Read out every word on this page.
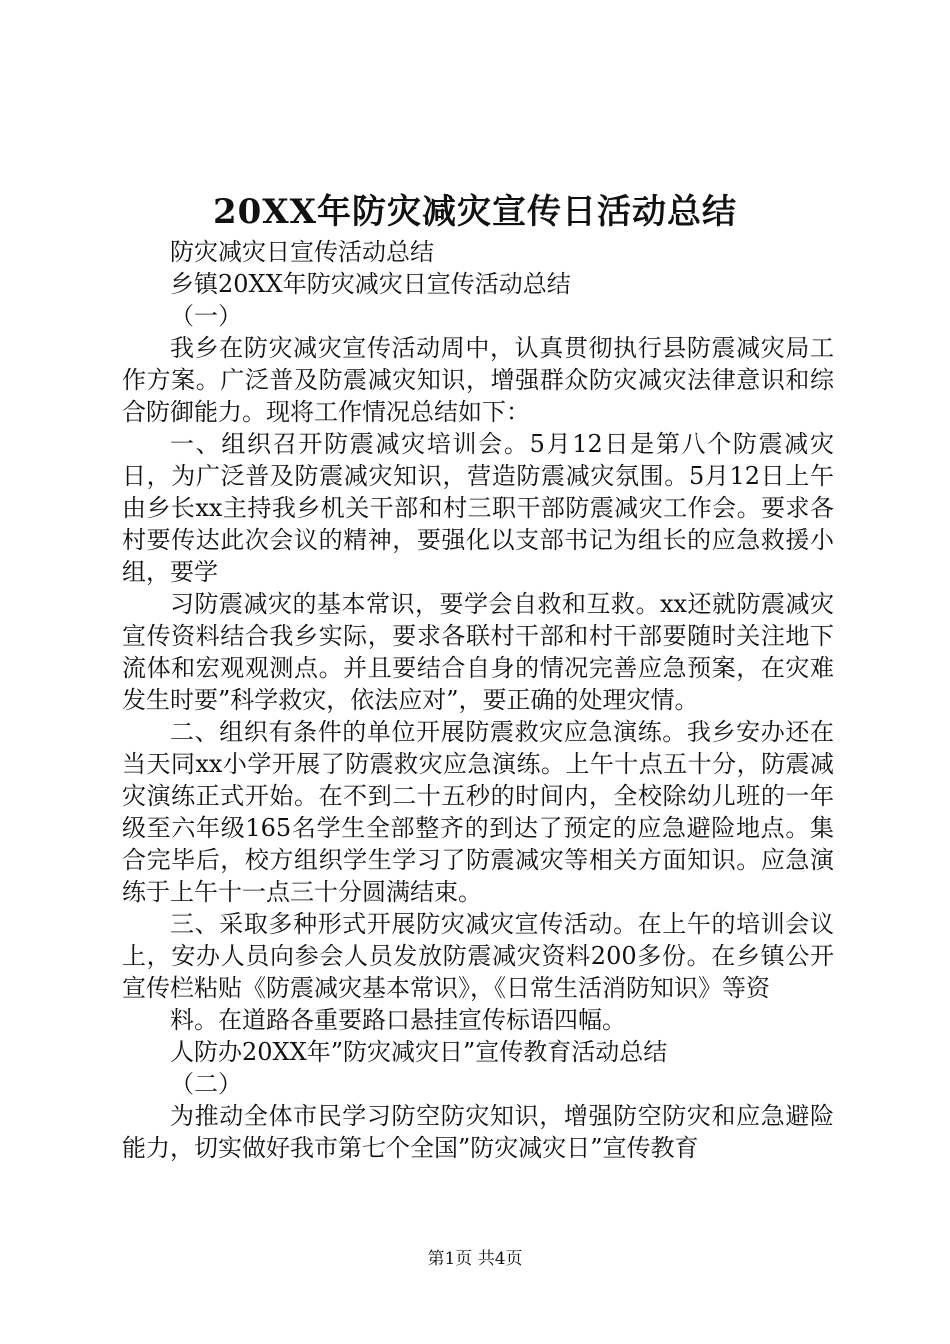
20XX年防灾减灾宣传日活动总结

防灾减灾日宣传活动总结

乡镇20XX年防灾减灾日宣传活动总结

（一）

我乡在防灾减灾宣传活动周中，认真贯彻执行县防震减灾局工作方案。广泛普及防震减灾知识，增强群众防灾减灾法律意识和综合防御能力。现将工作情况总结如下：

一、组织召开防震减灾培训会。5月12日是第八个防震减灾日，为广泛普及防震减灾知识，营造防震减灾氛围。5月12日上午由乡长xx主持我乡机关干部和村三职干部防震减灾工作会。要求各村要传达此次会议的精神，要强化以支部书记为组长的应急救援小组，要学

习防震减灾的基本常识，要学会自救和互救。xx还就防震减灾宣传资料结合我乡实际，要求各联村干部和村干部要随时关注地下流体和宏观观测点。并且要结合自身的情况完善应急预案，在灾难发生时要”科学救灾，依法应对”，要正确的处理灾情。

二、组织有条件的单位开展防震救灾应急演练。我乡安办还在当天同xx小学开展了防震救灾应急演练。上午十点五十分，防震减灾演练正式开始。在不到二十五秒的时间内，全校除幼儿班的一年级至六年级165名学生全部整齐的到达了预定的应急避险地点。集合完毕后，校方组织学生学习了防震减灾等相关方面知识。应急演练于上午十一点三十分圆满结束。

三、采取多种形式开展防灾减灾宣传活动。在上午的培训会议上，安办人员向参会人员发放防震减灾资料200多份。在乡镇公开宣传栏粘贴《防震减灾基本常识》，《日常生活消防知识》等资

料。在道路各重要路口悬挂宣传标语四幅。

人防办20XX年”防灾减灾日”宣传教育活动总结

（二）

为推动全体市民学习防空防灾知识，增强防空防灾和应急避险能力，切实做好我市第七个全国”防灾减灾日”宣传教育

第1页 共4页
